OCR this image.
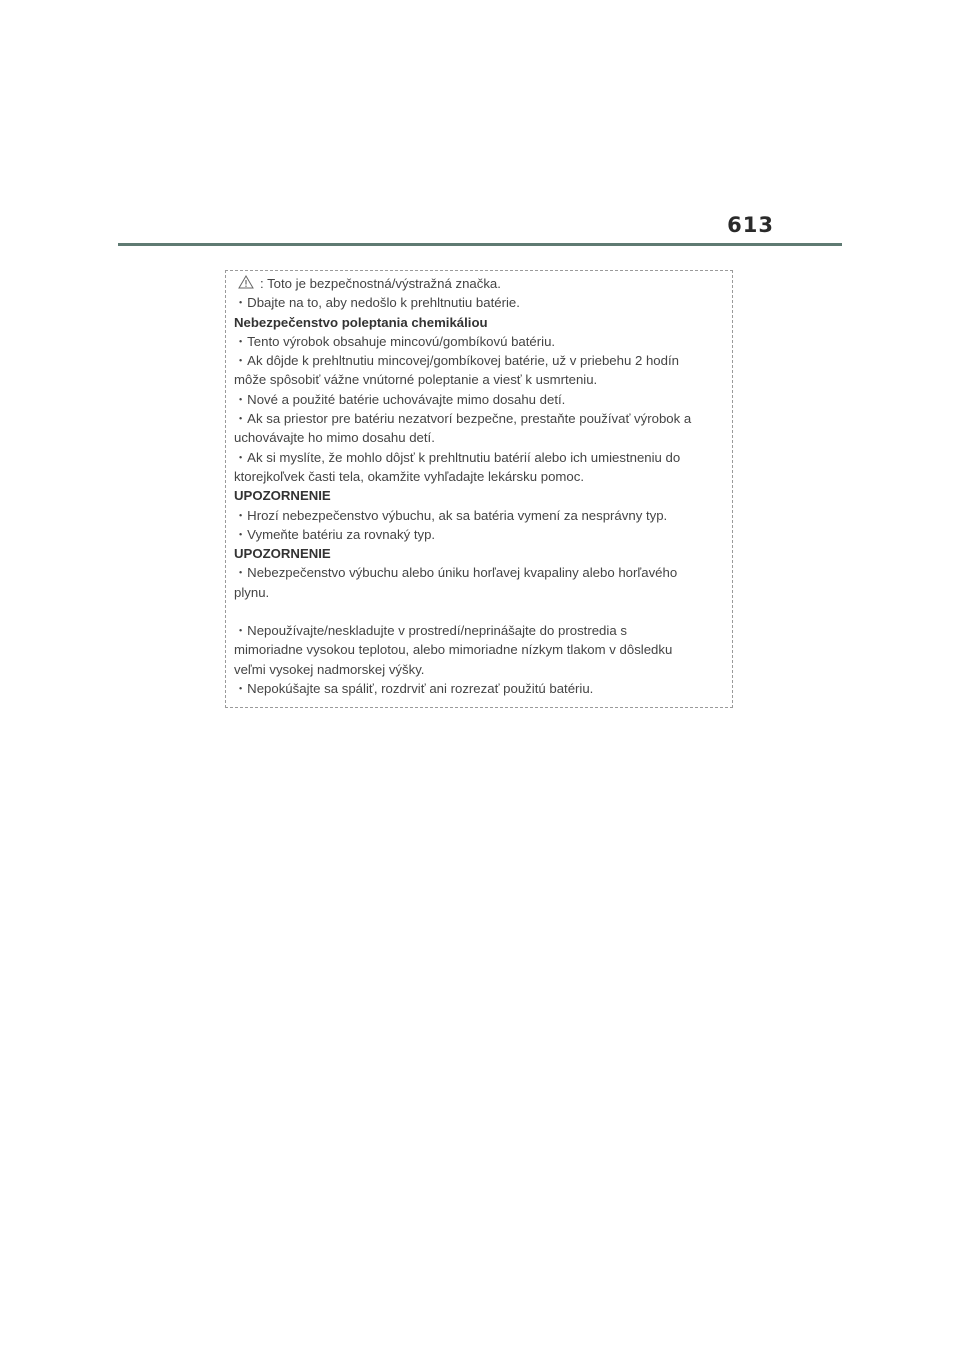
613
: Toto je bezpečnostná/výstražná značka.
・Dbajte na to, aby nedošlo k prehltnutiu batérie.
Nebezpečenstvo poleptania chemikáliou
・Tento výrobok obsahuje mincovú/gombíkovú batériu.
・Ak dôjde k prehltnutiu mincovej/gombíkovej batérie, už v priebehu 2 hodín
môže spôsobiť vážne vnútorné poleptanie a viesť k usmrteniu.
・Nové a použité batérie uchovávajte mimo dosahu detí.
・Ak sa priestor pre batériu nezatvorí bezpečne, prestaňte používať výrobok a
uchovávajte ho mimo dosahu detí.
・Ak si myslíte, že mohlo dôjsť k prehltnutiu batérií alebo ich umiestneniu do
ktorejkoľvek časti tela, okamžite vyhľadajte lekársku pomoc.
UPOZORNENIE
・Hrozí nebezpečenstvo výbuchu, ak sa batéria vymení za nesprávny typ.
・Vymeňte batériu za rovnaký typ.
UPOZORNENIE
・Nebezpečenstvo výbuchu alebo úniku horľavej kvapaliny alebo horľavého
plynu.
・Nepoužívajte/neskladujte v prostredí/neprinášajte do prostredia s
mimoriadne vysokou teplotou, alebo mimoriadne nízkym tlakom v dôsledku
veľmi vysokej nadmorskej výšky.
・Nepokúšajte sa spáliť, rozdrviť ani rozrezať použitú batériu.
